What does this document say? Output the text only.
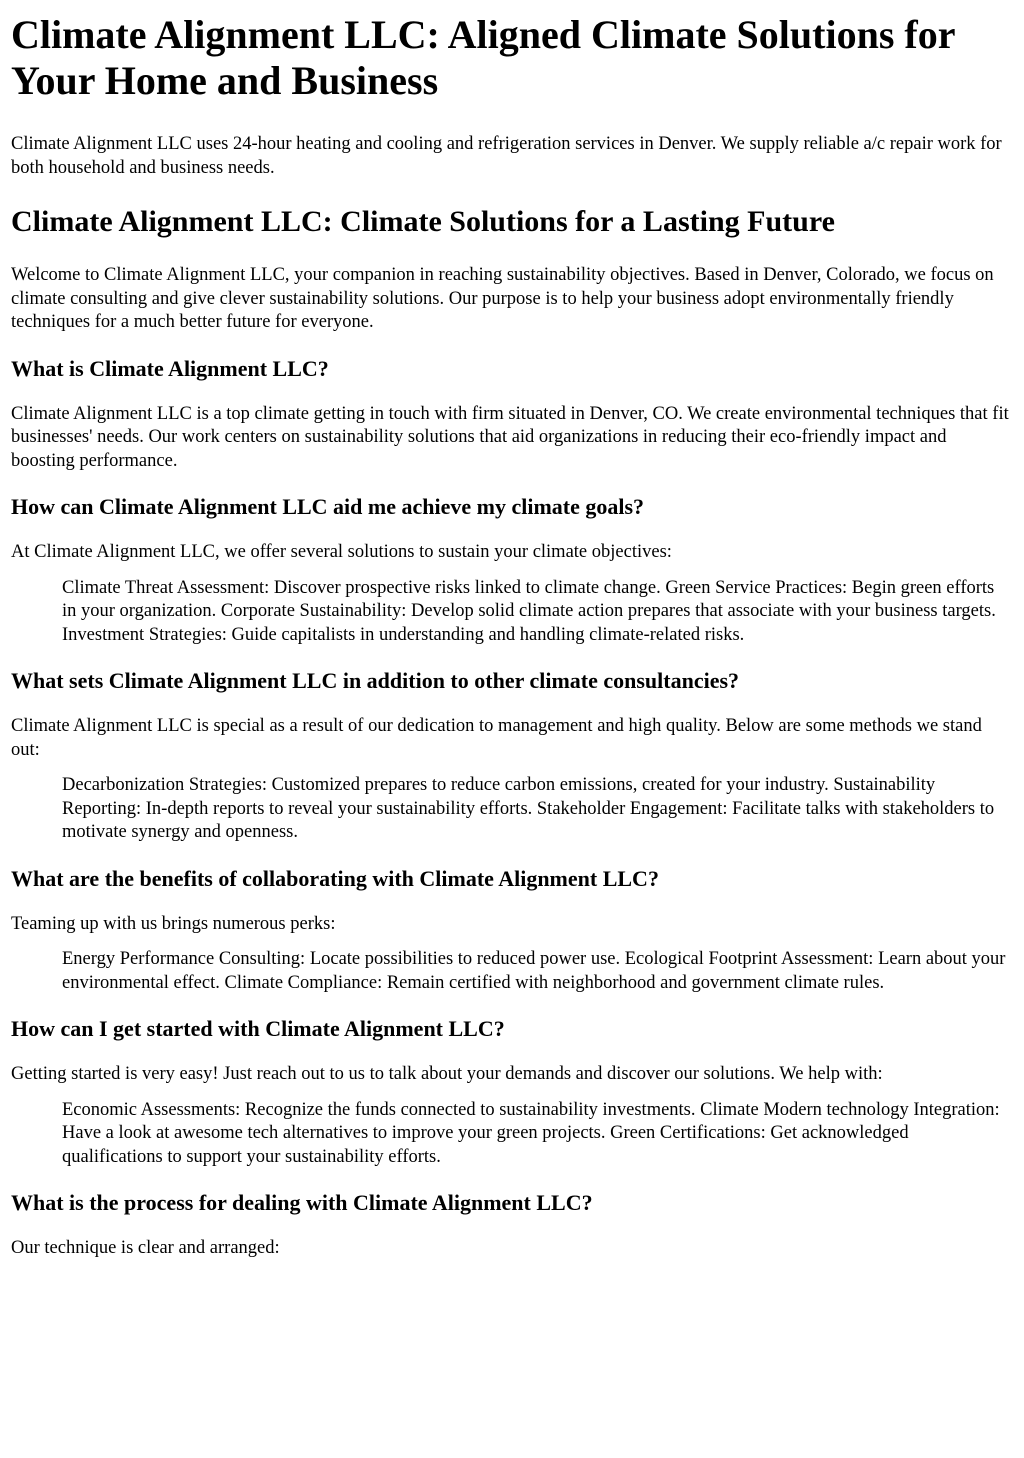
Climate Alignment LLC: Aligned Climate Solutions for Your Home and Business

Climate Alignment LLC uses 24-hour heating and cooling and refrigeration services in Denver. We supply reliable a/c repair work for both household and business needs.

Climate Alignment LLC: Climate Solutions for a Lasting Future

Welcome to Climate Alignment LLC, your companion in reaching sustainability objectives. Based in Denver, Colorado, we focus on climate consulting and give clever sustainability solutions. Our purpose is to help your business adopt environmentally friendly techniques for a much better future for everyone.

What is Climate Alignment LLC?

Climate Alignment LLC is a top climate getting in touch with firm situated in Denver, CO. We create environmental techniques that fit businesses' needs. Our work centers on sustainability solutions that aid organizations in reducing their eco-friendly impact and boosting performance.

How can Climate Alignment LLC aid me achieve my climate goals?

At Climate Alignment LLC, we offer several solutions to sustain your climate objectives:

Climate Threat Assessment: Discover prospective risks linked to climate change. Green Service Practices: Begin green efforts in your organization. Corporate Sustainability: Develop solid climate action prepares that associate with your business targets. Investment Strategies: Guide capitalists in understanding and handling climate-related risks.
What sets Climate Alignment LLC in addition to other climate consultancies?

Climate Alignment LLC is special as a result of our dedication to management and high quality. Below are some methods we stand out:

Decarbonization Strategies: Customized prepares to reduce carbon emissions, created for your industry. Sustainability Reporting: In-depth reports to reveal your sustainability efforts. Stakeholder Engagement: Facilitate talks with stakeholders to motivate synergy and openness.
What are the benefits of collaborating with Climate Alignment LLC?

Teaming up with us brings numerous perks:

Energy Performance Consulting: Locate possibilities to reduced power use. Ecological Footprint Assessment: Learn about your environmental effect. Climate Compliance: Remain certified with neighborhood and government climate rules.
How can I get started with Climate Alignment LLC?

Getting started is very easy! Just reach out to us to talk about your demands and discover our solutions. We help with:

Economic Assessments: Recognize the funds connected to sustainability investments. Climate Modern technology Integration: Have a look at awesome tech alternatives to improve your green projects. Green Certifications: Get acknowledged qualifications to support your sustainability efforts.
What is the process for dealing with Climate Alignment LLC?

Our technique is clear and arranged:
